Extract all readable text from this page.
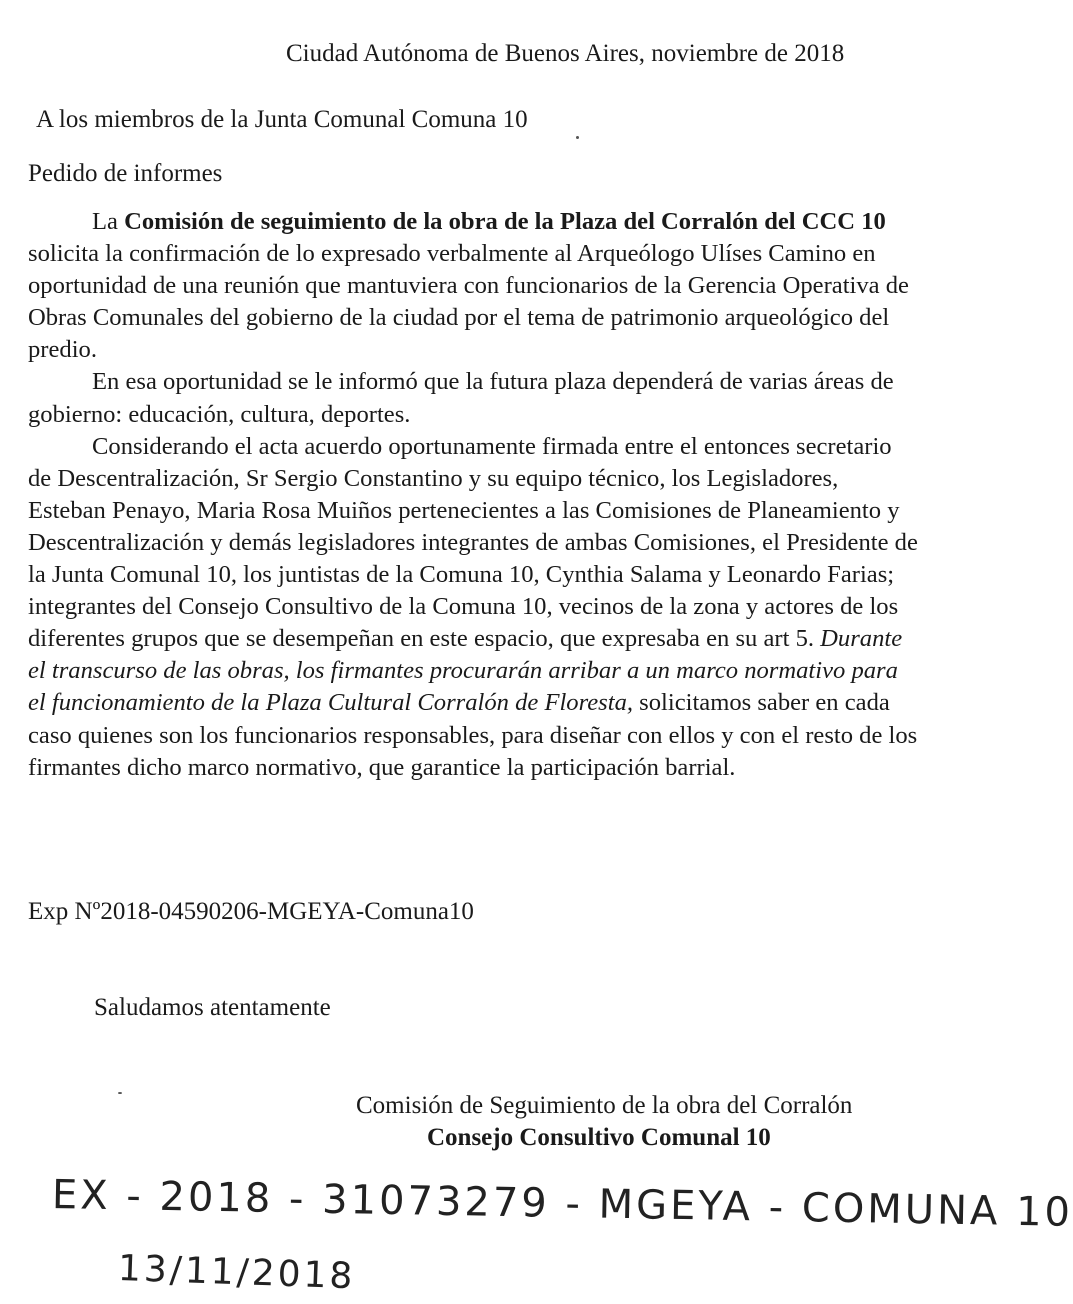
Ciudad Autónoma de Buenos Aires, noviembre de 2018
A los miembros de la Junta Comunal Comuna 10
Pedido de informes

La Comisión de seguimiento de la obra de la Plaza del Corralón del CCC 10 solicita la confirmación de lo expresado verbalmente al Arqueólogo Ulíses Camino en oportunidad de una reunión que mantuviera con funcionarios de la Gerencia Operativa de Obras Comunales del gobierno de la ciudad por el tema de patrimonio arqueológico del predio.

En esa oportunidad se le informó que la futura plaza dependerá de varias áreas de gobierno: educación, cultura, deportes.

Considerando el acta acuerdo oportunamente firmada entre el entonces secretario de Descentralización, Sr Sergio Constantino y su equipo técnico, los Legisladores, Esteban Penayo, Maria Rosa Muiños pertenecientes a las Comisiones de Planeamiento y Descentralización y demás legisladores integrantes de ambas Comisiones, el Presidente de la Junta Comunal 10, los juntistas de la Comuna 10, Cynthia Salama y Leonardo Farias; integrantes del Consejo Consultivo de la Comuna 10, vecinos de la zona y actores de los diferentes grupos que se desempeñan en este espacio, que expresaba en su art 5. Durante el transcurso de las obras, los firmantes procurarán arribar a un marco normativo para el funcionamiento de la Plaza Cultural Corralón de Floresta, solicitamos saber en cada caso quienes son los funcionarios responsables, para diseñar con ellos y con el resto de los firmantes dicho marco normativo, que garantice la participación barrial.

Exp Nº2018-04590206-MGEYA-Comuna10
Saludamos atentamente
Comisión de Seguimiento de la obra del Corralón
Consejo Consultivo Comunal 10
EX - 2018 - 31073279 - MGEYA - COMUNA 10
13/11/2018
